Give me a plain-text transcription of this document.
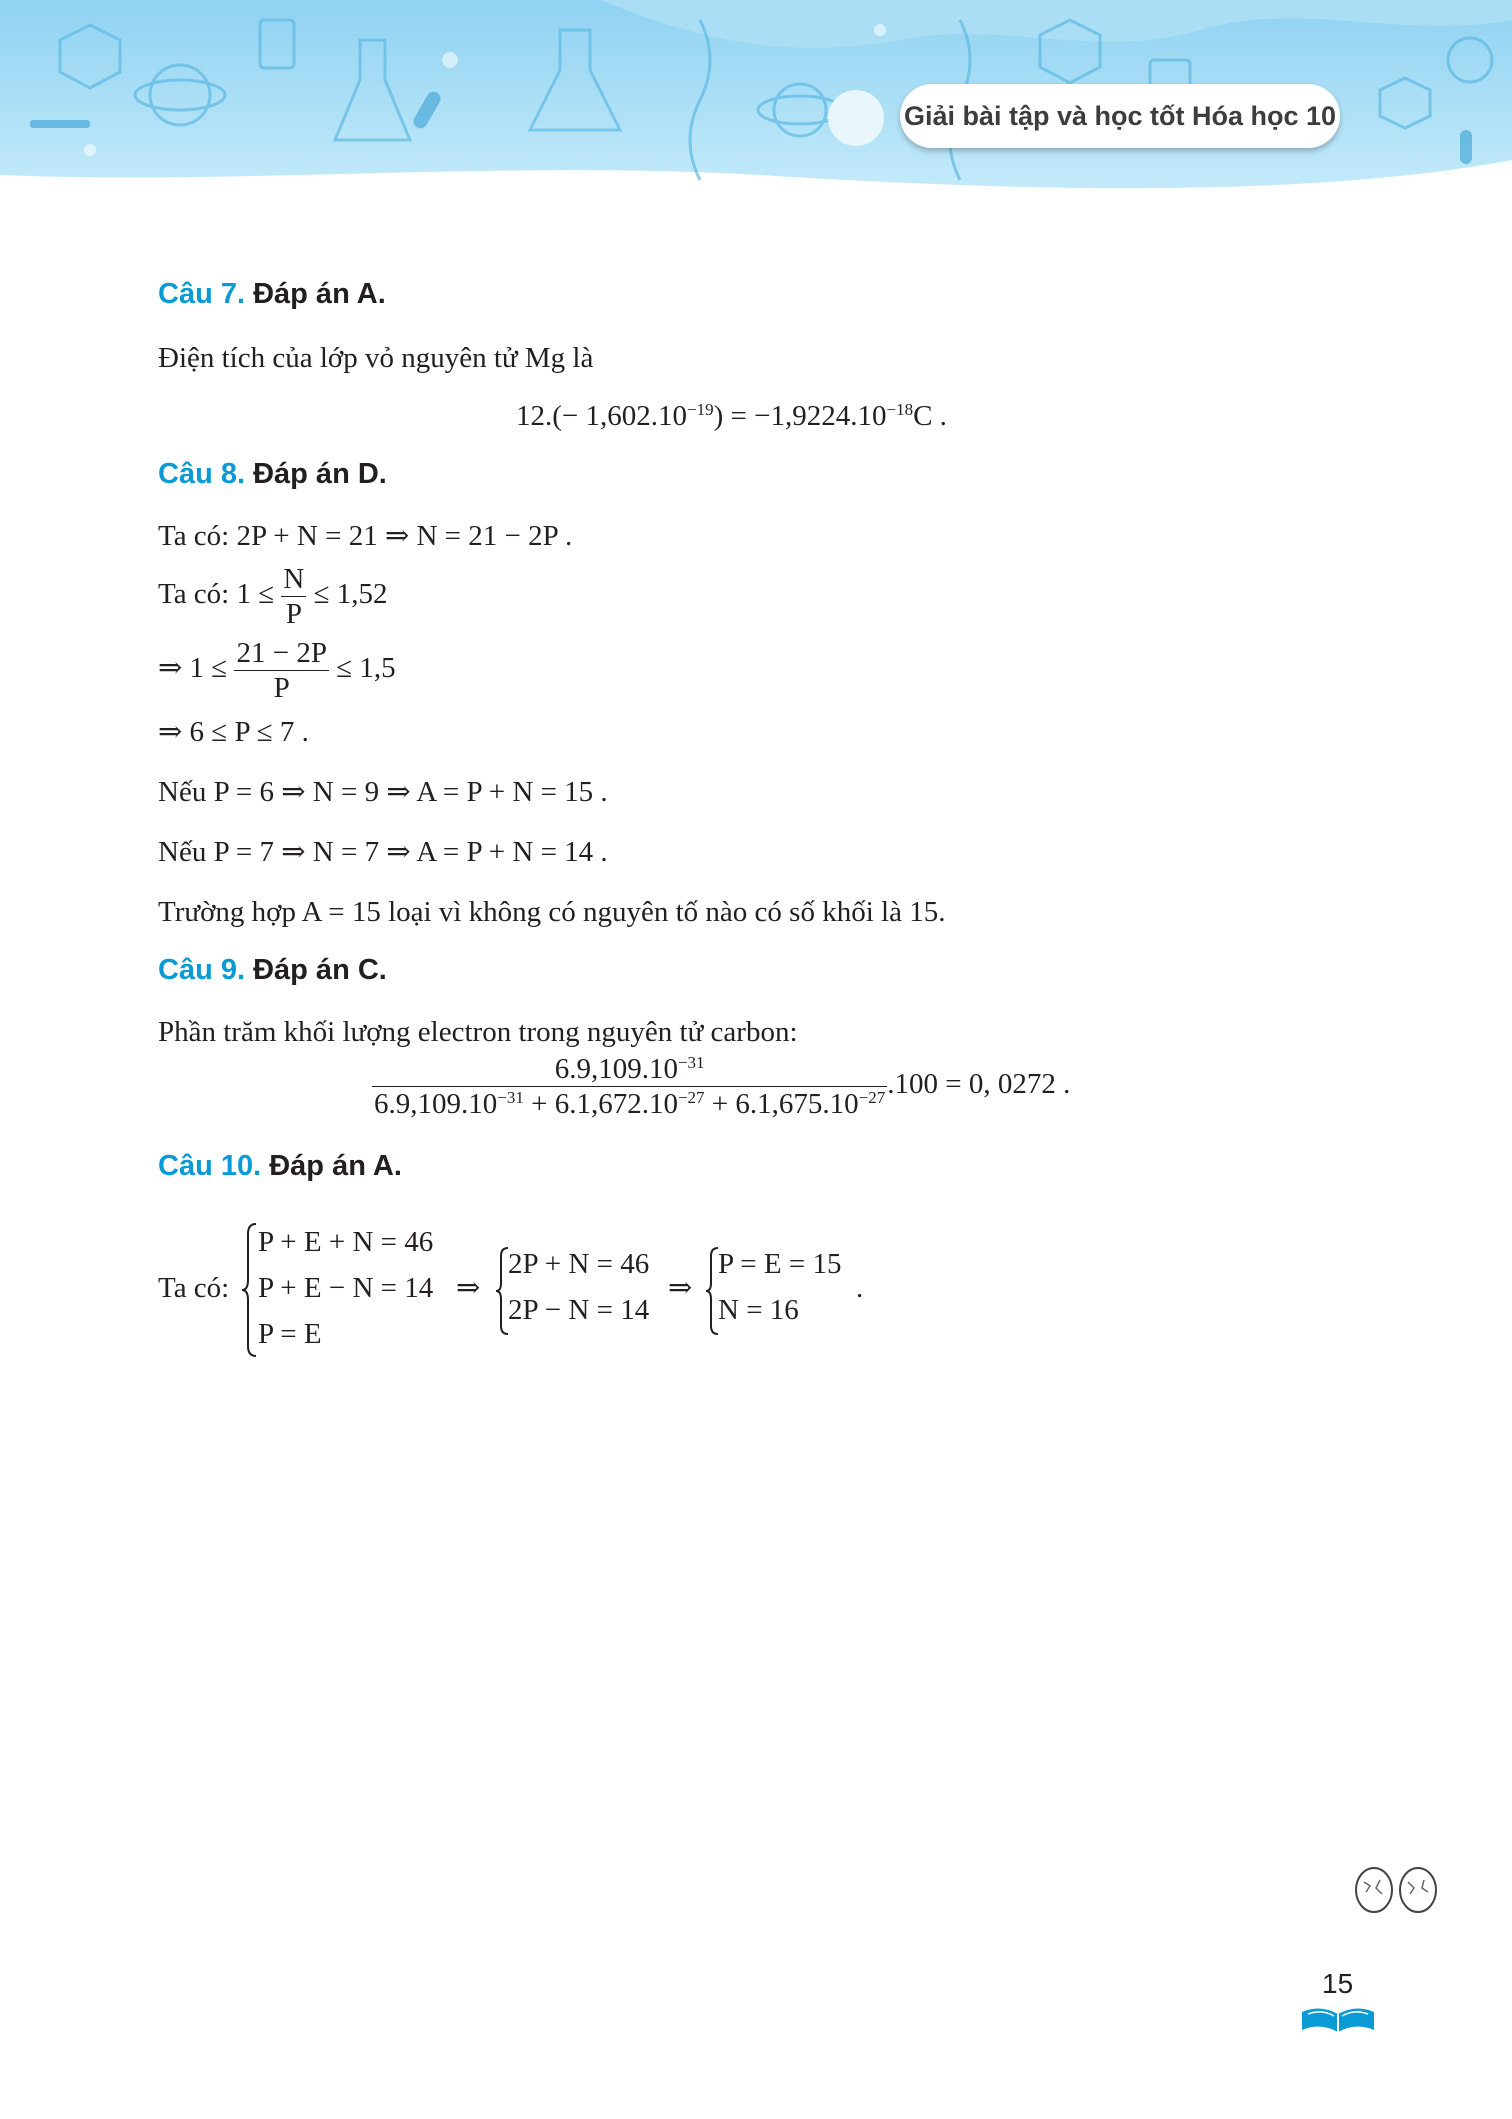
Giải bài tập và học tốt Hóa học 10
Câu 7. Đáp án A.
Điện tích của lớp vỏ nguyên tử Mg là
$12.(- 1,602.10^{-19}) = -1,9224.10^{-18}C$ .
Câu 8. Đáp án D.
Ta có: 2P + N = 21 ⇒ N = 21 − 2P .
Ta có: $1 \le \frac{N}{P} \le 1,52$
⇒ $1 \le \frac{21 - 2P}{P} \le 1,5$
⇒ 6 ≤ P ≤ 7 .
Nếu P = 6 ⇒ N = 9 ⇒ A = P + N = 15 .
Nếu P = 7 ⇒ N = 7 ⇒ A = P + N = 14 .
Trường hợp A = 15 loại vì không có nguyên tố nào có số khối là 15.
Câu 9. Đáp án C.
Phần trăm khối lượng electron trong nguyên tử carbon:
$\frac{6.9,109.10^{-31}}{6.9,109.10^{-31} + 6.1,672.10^{-27} + 6.1,675.10^{-27}} .100 = 0$, 0272 .
Câu 10. Đáp án A.
Ta có:
P + E + N = 46
P + E − N = 14
P = E
⇒
2P + N = 46
2P − N = 14
⇒
P = E = 15
N = 16
.
15
